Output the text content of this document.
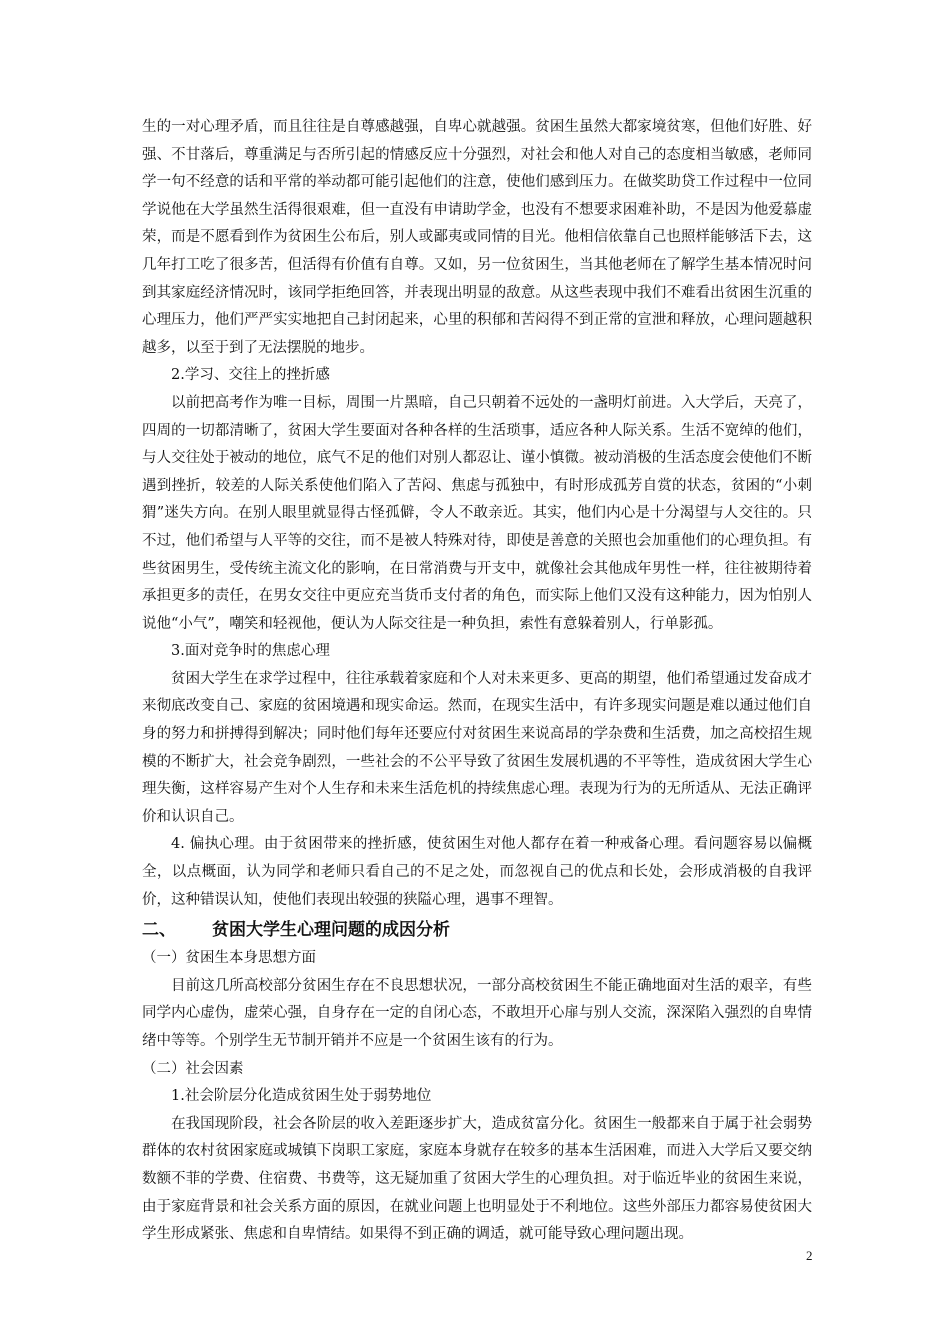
生的一对心理矛盾，而且往往是自尊感越强，自卑心就越强。贫困生虽然大都家境贫寒，但他们好胜、好强、不甘落后，尊重满足与否所引起的情感反应十分强烈，对社会和他人对自己的态度相当敏感，老师同学一句不经意的话和平常的举动都可能引起他们的注意，使他们感到压力。在做奖助贷工作过程中一位同学说他在大学虽然生活得很艰难，但一直没有申请助学金，也没有不想要求困难补助，不是因为他爱慕虚荣，而是不愿看到作为贫困生公布后，别人或鄙夷或同情的目光。他相信依靠自己也照样能够活下去，这几年打工吃了很多苦，但活得有价值有自尊。又如，另一位贫困生，当其他老师在了解学生基本情况时问到其家庭经济情况时，该同学拒绝回答，并表现出明显的敌意。从这些表现中我们不难看出贫困生沉重的心理压力，他们严严实实地把自己封闭起来，心里的积郁和苦闷得不到正常的宣泄和释放，心理问题越积越多，以至于到了无法摆脱的地步。

2.学习、交往上的挫折感

以前把高考作为唯一目标，周围一片黑暗，自己只朝着不远处的一盏明灯前进。入大学后，天亮了，四周的一切都清晰了，贫困大学生要面对各种各样的生活琐事，适应各种人际关系。生活不宽绰的他们，与人交往处于被动的地位，底气不足的他们对别人都忍让、谨小慎微。被动消极的生活态度会使他们不断遇到挫折，较差的人际关系使他们陷入了苦闷、焦虑与孤独中，有时形成孤芳自赏的状态，贫困的“小刺猬”迷失方向。在别人眼里就显得古怪孤僻，令人不敢亲近。其实，他们内心是十分渴望与人交往的。只不过，他们希望与人平等的交往，而不是被人特殊对待，即使是善意的关照也会加重他们的心理负担。有些贫困男生，受传统主流文化的影响，在日常消费与开支中，就像社会其他成年男性一样，往往被期待着承担更多的责任，在男女交往中更应充当货币支付者的角色，而实际上他们又没有这种能力，因为怕别人说他“小气”，嘲笑和轻视他，便认为人际交往是一种负担，索性有意躲着别人，行单影孤。

3.面对竞争时的焦虑心理

贫困大学生在求学过程中，往往承载着家庭和个人对未来更多、更高的期望，他们希望通过发奋成才来彻底改变自己、家庭的贫困境遇和现实命运。然而，在现实生活中，有许多现实问题是难以通过他们自身的努力和拼搏得到解决；同时他们每年还要应付对贫困生来说高昂的学杂费和生活费，加之高校招生规模的不断扩大，社会竞争剧烈，一些社会的不公平导致了贫困生发展机遇的不平等性，造成贫困大学生心理失衡，这样容易产生对个人生存和未来生活危机的持续焦虑心理。表现为行为的无所适从、无法正确评价和认识自己。

4. 偏执心理。由于贫困带来的挫折感，使贫困生对他人都存在着一种戒备心理。看问题容易以偏概全，以点概面，认为同学和老师只看自己的不足之处，而忽视自己的优点和长处，会形成消极的自我评价，这种错误认知，使他们表现出较强的狭隘心理，遇事不理智。

二、 贫困大学生心理问题的成因分析

（一）贫困生本身思想方面

目前这几所高校部分贫困生存在不良思想状况，一部分高校贫困生不能正确地面对生活的艰辛，有些同学内心虚伪，虚荣心强，自身存在一定的自闭心态，不敢坦开心扉与别人交流，深深陷入强烈的自卑情绪中等等。个别学生无节制开销并不应是一个贫困生该有的行为。

（二）社会因素

1.社会阶层分化造成贫困生处于弱势地位

在我国现阶段，社会各阶层的收入差距逐步扩大，造成贫富分化。贫困生一般都来自于属于社会弱势群体的农村贫困家庭或城镇下岗职工家庭，家庭本身就存在较多的基本生活困难，而进入大学后又要交纳数额不菲的学费、住宿费、书费等，这无疑加重了贫困大学生的心理负担。对于临近毕业的贫困生来说，由于家庭背景和社会关系方面的原因，在就业问题上也明显处于不利地位。这些外部压力都容易使贫困大学生形成紧张、焦虑和自卑情结。如果得不到正确的调适，就可能导致心理问题出现。

2
